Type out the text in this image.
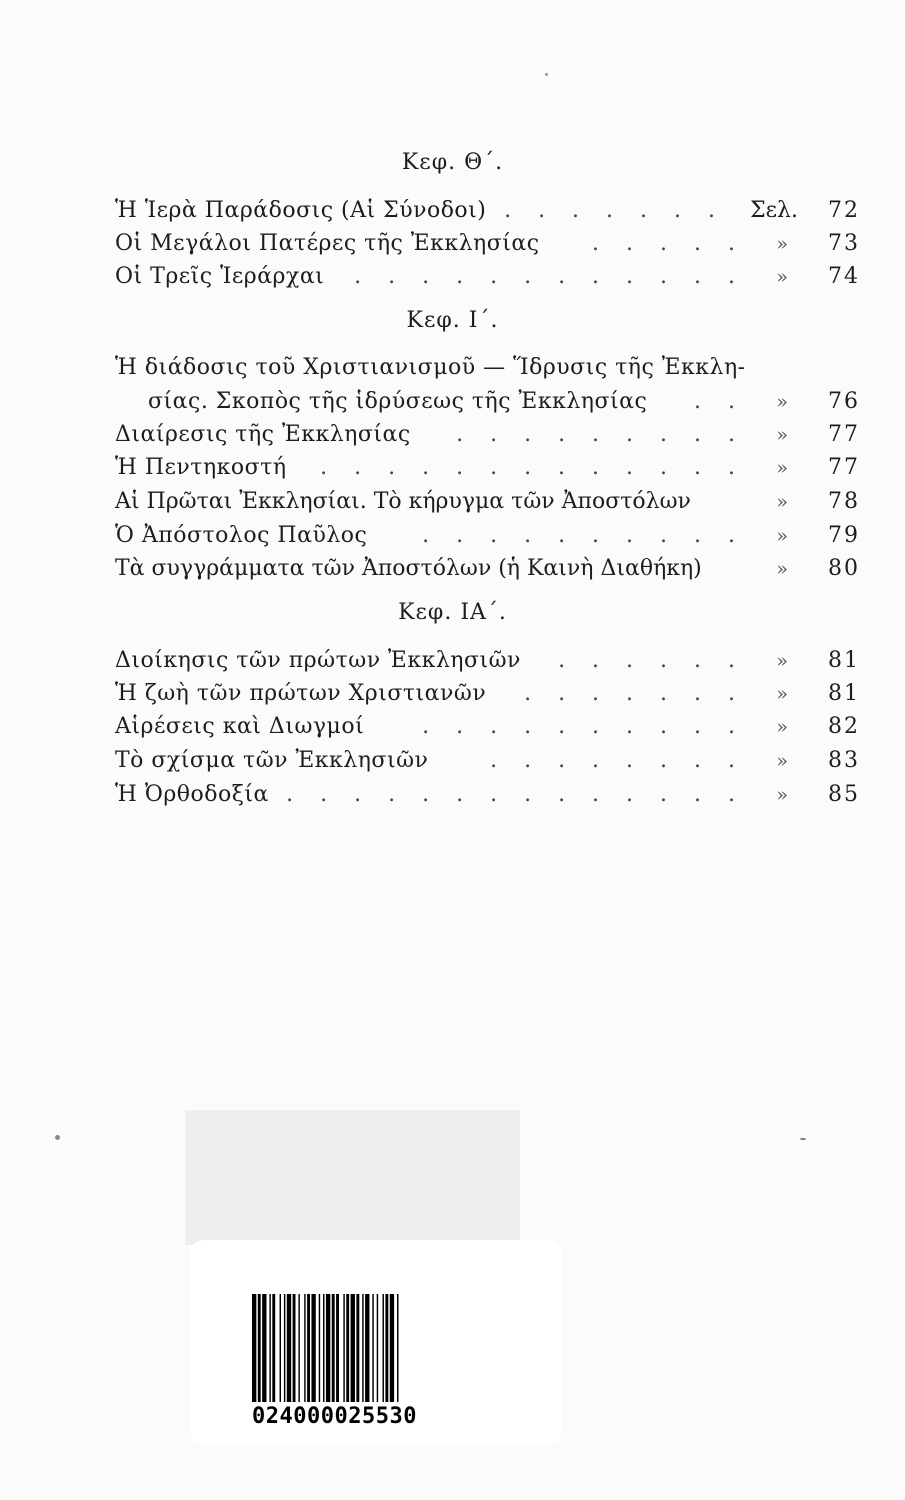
Κεφ. Θ΄.
Ἡ Ἱερὰ Παράδοσις (Αἱ Σύνοδοι) . . . . . . . Σελ. 72
Οἱ Μεγάλοι Πατέρες τῆς Ἐκκλησίας . . . . . » 73
Οἱ Τρεῖς Ἱεράρχαι . . . . . . . . . . . . » 74
Κεφ. Ι΄.
Ἡ διάδοσις τοῦ Χριστιανισμοῦ — Ἵδρυσις τῆς Ἐκκλη-
σίας. Σκοπὸς τῆς ἱδρύσεως τῆς Ἐκκλησίας . . » 76
Διαίρεσις τῆς Ἐκκλησίας . . . . . . . . . » 77
Ἡ Πεντηκοστή . . . . . . . . . . . . . » 77
Αἱ Πρῶται Ἐκκλησίαι. Τὸ κήρυγμα τῶν Ἀποστόλων	» 78
Ὁ Ἀπόστολος Παῦλος . . . . . . . . . . » 79
Τὰ συγγράμματα τῶν Ἀποστόλων (ἡ Καινὴ Διαθήκη)	» 80
Κεφ. ΙΑ΄.
Διοίκησις τῶν πρώτων Ἐκκλησιῶν . . . . . . » 81
Ἡ ζωὴ τῶν πρώτων Χριστιανῶν . . . . . . . » 81
Αἱρέσεις καὶ Διωγμοί	. . . . . . . . . . » 82
Τὸ σχίσμα τῶν Ἐκκλησιῶν	. . . . . . . . » 83
Ἡ Ὀρθοδοξία . . . . . . . . . . . . . . » 85
024000025530
